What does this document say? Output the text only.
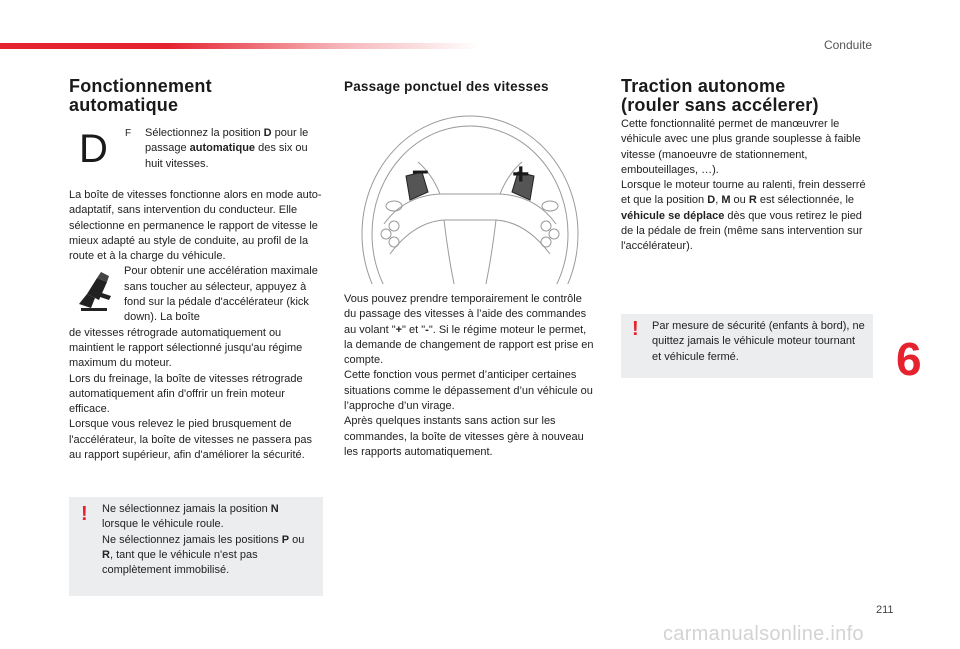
Conduite
Fonctionnement
automatique
D F	Sélectionnez la position D pour le passage automatique des six ou huit vitesses.

La boîte de vitesses fonctionne alors en mode auto-adaptatif, sans intervention du conducteur. Elle sélectionne en permanence le rapport de vitesse le mieux adapté au style de conduite, au profil de la route et à la charge du véhicule.

Pour obtenir une accélération maximale sans toucher au sélecteur, appuyez à fond sur la pédale d'accélérateur (kick down). La boîte

de vitesses rétrograde automatiquement ou maintient le rapport sélectionné jusqu'au régime maximum du moteur.

Lors du freinage, la boîte de vitesses rétrograde automatiquement afin d'offrir un frein moteur efficace.

Lorsque vous relevez le pied brusquement de l'accélérateur, la boîte de vitesses ne passera pas au rapport supérieur, afin d'améliorer la sécurité.

! Ne sélectionnez jamais la position N lorsque le véhicule roule.

Ne sélectionnez jamais les positions P ou R, tant que le véhicule n'est pas complètement immobilisé.

Passage ponctuel des vitesses
–	+

Vous pouvez prendre temporairement le contrôle du passage des vitesses à l’aide des commandes au volant "+" et "-". Si le régime moteur le permet, la demande de changement de rapport est prise en compte.

Cette fonction vous permet d’anticiper certaines situations comme le dépassement d’un véhicule ou l’approche d’un virage.

Après quelques instants sans action sur les commandes, la boîte de vitesses gère à nouveau les rapports automatiquement.

Traction autonome
(rouler sans accélerer)

Cette fonctionnalité permet de manœuvrer le véhicule avec une plus grande souplesse à faible vitesse (manoeuvre de stationnement, embouteillages, …).

Lorsque le moteur tourne au ralenti, frein desserré et que la position D, M ou R est sélectionnée, le véhicule se déplace dès que vous retirez le pied de la pédale de frein (même sans intervention sur l'accélérateur).

! Par mesure de sécurité (enfants à bord), ne quittez jamais le véhicule moteur tournant et véhicule fermé.	6
211
carmanualsonline.info
